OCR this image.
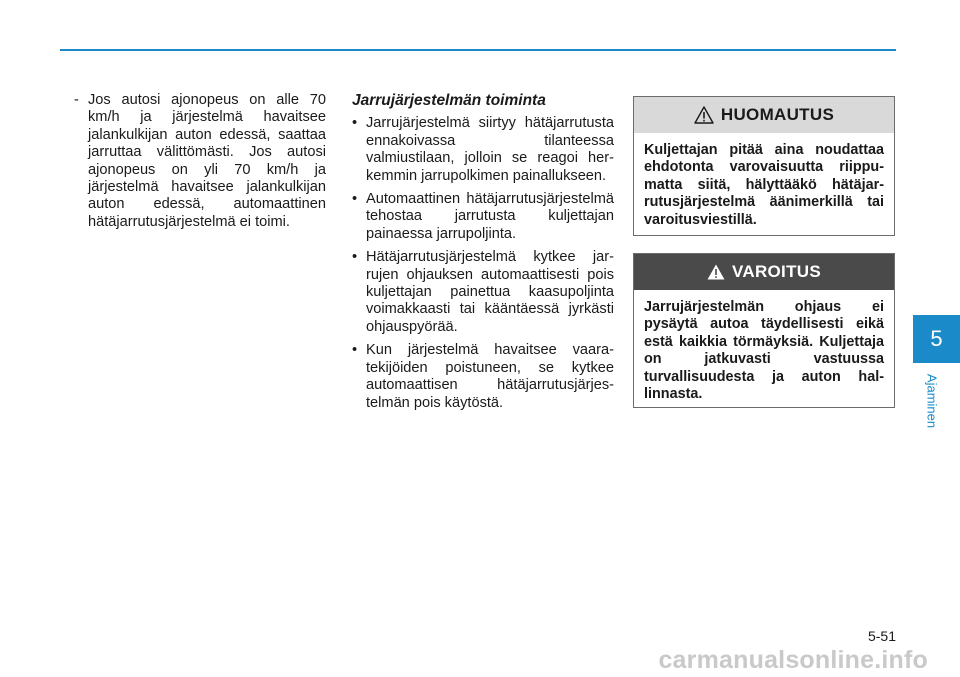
- Jos autosi ajonopeus on alle 70 km/h ja järjestelmä havaitsee jalankulkijan auton edessä, saattaa jarruttaa välittömästi. Jos autosi ajonopeus on yli 70 km/h ja järjestelmä havaitsee jalankulkijan auton edessä, automaattinen hätäjarrutusjärjestelmä ei toimi.
Jarrujärjestelmän toiminta
• Jarrujärjestelmä siirtyy hätäjarrutusta ennakoivassa tilanteessa valmiustilaan, jolloin se reagoi herkemmin jarrupolkimen painallukseen.
• Automaattinen hätäjarrutusjärjestelmä tehostaa jarrutusta kuljettajan painaessa jarrupoljinta.
• Hätäjarrutusjärjestelmä kytkee jarrujen ohjauksen automaattisesti pois kuljettajan painettua kaasupoljinta voimakkaasti tai kääntäessä jyrkästi ohjauspyörää.
• Kun järjestelmä havaitsee vaaratekijöiden poistuneen, se kytkee automaattisen hätäjarrutusjärjestelmän pois käytöstä.
HUOMAUTUS
Kuljettajan pitää aina noudattaa ehdotonta varovaisuutta riippumatta siitä, hälyttääkö hätäjarrutusjärjestelmä äänimerkillä tai varoitusviestillä.
VAROITUS
Jarrujärjestelmän ohjaus ei pysäytä autoa täydellisesti eikä estä kaikkia törmäyksiä. Kuljettaja on jatkuvasti vastuussa turvallisuudesta ja auton hallinnasta.
5
Ajaminen
5-51
carmanualsonline.info
